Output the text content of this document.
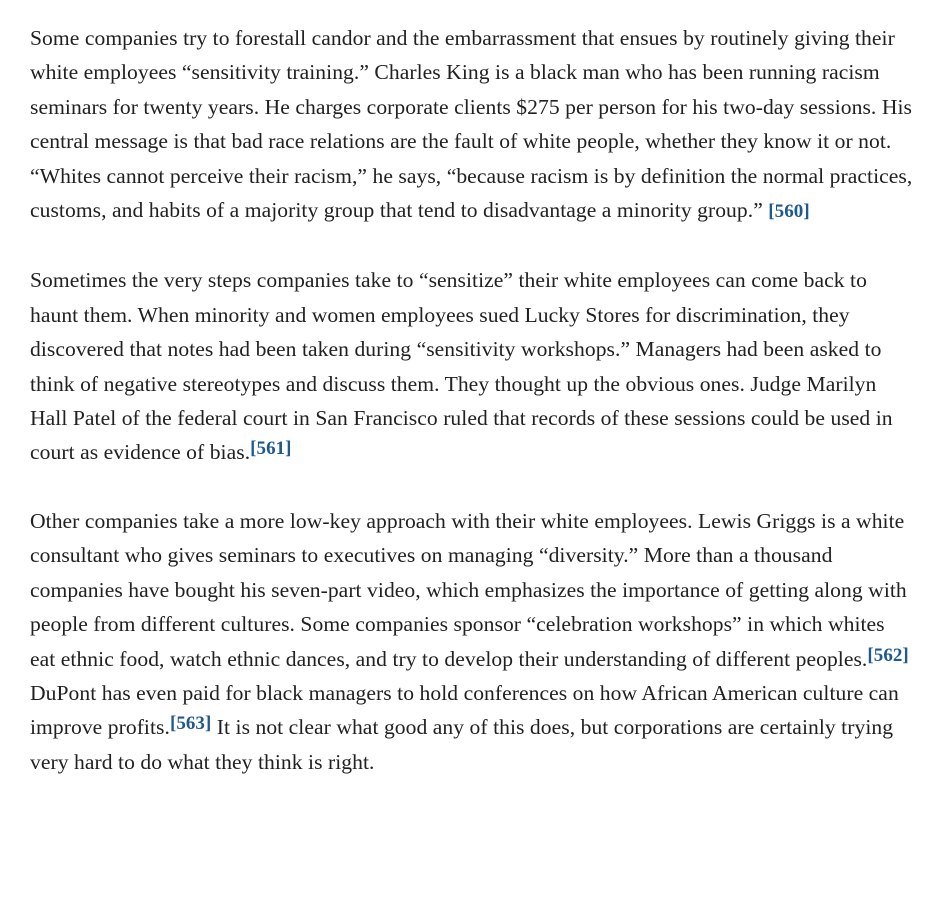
Some companies try to forestall candor and the embarrassment that ensues by routinely giving their white employees “sensitivity training.” Charles King is a black man who has been running racism seminars for twenty years. He charges corporate clients $275 per person for his two-day sessions. His central message is that bad race relations are the fault of white people, whether they know it or not. “Whites cannot perceive their racism,” he says, “because racism is by definition the normal practices, customs, and habits of a majority group that tend to disadvantage a minority group.” [560]

Sometimes the very steps companies take to “sensitize” their white employees can come back to haunt them. When minority and women employees sued Lucky Stores for discrimination, they discovered that notes had been taken during “sensitivity workshops.” Managers had been asked to think of negative stereotypes and discuss them. They thought up the obvious ones. Judge Marilyn Hall Patel of the federal court in San Francisco ruled that records of these sessions could be used in court as evidence of bias.[561]

Other companies take a more low-key approach with their white employees. Lewis Griggs is a white consultant who gives seminars to executives on managing “diversity.” More than a thousand companies have bought his seven-part video, which emphasizes the importance of getting along with people from different cultures. Some companies sponsor “celebration workshops” in which whites eat ethnic food, watch ethnic dances, and try to develop their understanding of different peoples.[562] DuPont has even paid for black managers to hold conferences on how African American culture can improve profits.[563] It is not clear what good any of this does, but corporations are certainly trying very hard to do what they think is right.
